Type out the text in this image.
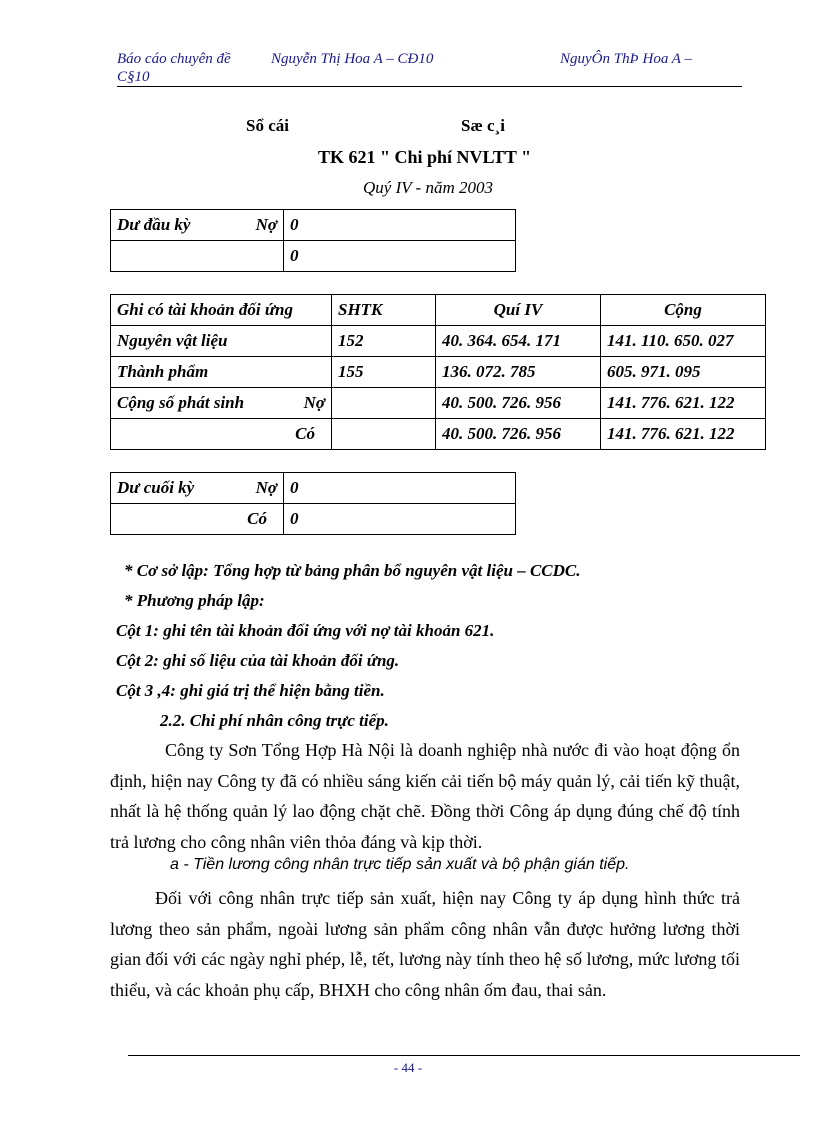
Báo cáo chuyên đề	Nguyễn Thị Hoa A – CĐ10	NguyÔn ThÞ Hoa A –
C§10
Sổ cái	Sæ c¸i
TK 621 " Chi phí NVLTT "
Quý IV - năm 2003
Dư đầu kỳ Nợ	0
	0
Ghi có tài khoản đối ứng	SHTK	Quí IV	Cộng
Nguyên vật liệu	152	40. 364. 654. 171	141. 110. 650. 027
Thành phẩm	155	136. 072. 785	605. 971. 095

Cộng số phát sinh Nợ		40. 500. 726. 956	141. 776. 621. 122
Có		40. 500. 726. 956	141. 776. 621. 122
Dư cuối kỳ Nợ	0
Có	0
* Cơ sở lập: Tổng hợp từ bảng phân bổ nguyên vật liệu – CCDC.
* Phương pháp lập:
Cột 1: ghi tên tài khoản đối ứng với nợ tài khoản 621.
Cột 2: ghi số liệu của tài khoản đối ứng.
Cột 3 ,4: ghi giá trị thể hiện bằng tiền.
2.2. Chi phí nhân công trực tiếp.

Công ty Sơn Tổng Hợp Hà Nội là doanh nghiệp nhà nước đi vào hoạt động ổn định, hiện nay Công ty đã có nhiều sáng kiến cải tiến bộ máy quản lý, cải tiến kỹ thuật, nhất là hệ thống quản lý lao động chặt chẽ. Đồng thời Công áp dụng đúng chế độ tính trả lương cho công nhân viên thỏa đáng và kịp thời.

a - Tiền lương công nhân trực tiếp sản xuất và bộ phận gián tiếp.

Đối với công nhân trực tiếp sản xuất, hiện nay Công ty áp dụng hình thức trả lương theo sản phẩm, ngoài lương sản phẩm công nhân vẫn được hưởng lương thời gian đối với các ngày nghỉ phép, lễ, tết, lương này tính theo hệ số lương, mức lương tối thiểu, và các khoản phụ cấp, BHXH cho công nhân ốm đau, thai sản.

- 44 -
